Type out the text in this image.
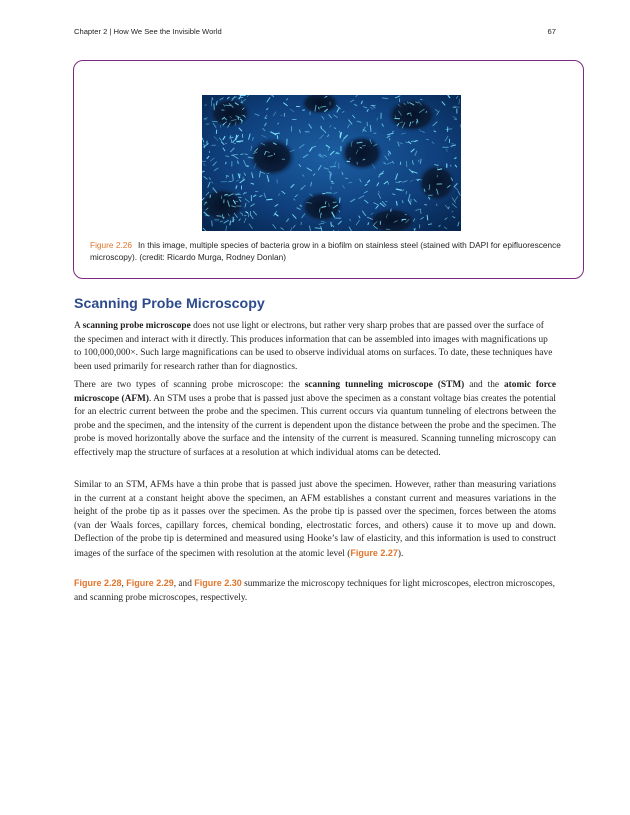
Chapter 2 | How We See the Invisible World	67
Figure 2.26 In this image, multiple species of bacteria grow in a biofilm on stainless steel (stained with DAPI for epifluorescence microscopy). (credit: Ricardo Murga, Rodney Donlan)
Scanning Probe Microscopy

A scanning probe microscope does not use light or electrons, but rather very sharp probes that are passed over the surface of the specimen and interact with it directly. This produces information that can be assembled into images with magnifications up to 100,000,000×. Such large magnifications can be used to observe individual atoms on surfaces. To date, these techniques have been used primarily for research rather than for diagnostics.

There are two types of scanning probe microscope: the scanning tunneling microscope (STM) and the atomic force microscope (AFM). An STM uses a probe that is passed just above the specimen as a constant voltage bias creates the potential for an electric current between the probe and the specimen. This current occurs via quantum tunneling of electrons between the probe and the specimen, and the intensity of the current is dependent upon the distance between the probe and the specimen. The probe is moved horizontally above the surface and the intensity of the current is measured. Scanning tunneling microscopy can effectively map the structure of surfaces at a resolution at which individual atoms can be detected.

Similar to an STM, AFMs have a thin probe that is passed just above the specimen. However, rather than measuring variations in the current at a constant height above the specimen, an AFM establishes a constant current and measures variations in the height of the probe tip as it passes over the specimen. As the probe tip is passed over the specimen, forces between the atoms (van der Waals forces, capillary forces, chemical bonding, electrostatic forces, and others) cause it to move up and down. Deflection of the probe tip is determined and measured using Hooke’s law of elasticity, and this information is used to construct images of the surface of the specimen with resolution at the atomic level (Figure 2.27).

Figure 2.28, Figure 2.29, and Figure 2.30 summarize the microscopy techniques for light microscopes, electron microscopes, and scanning probe microscopes, respectively.
